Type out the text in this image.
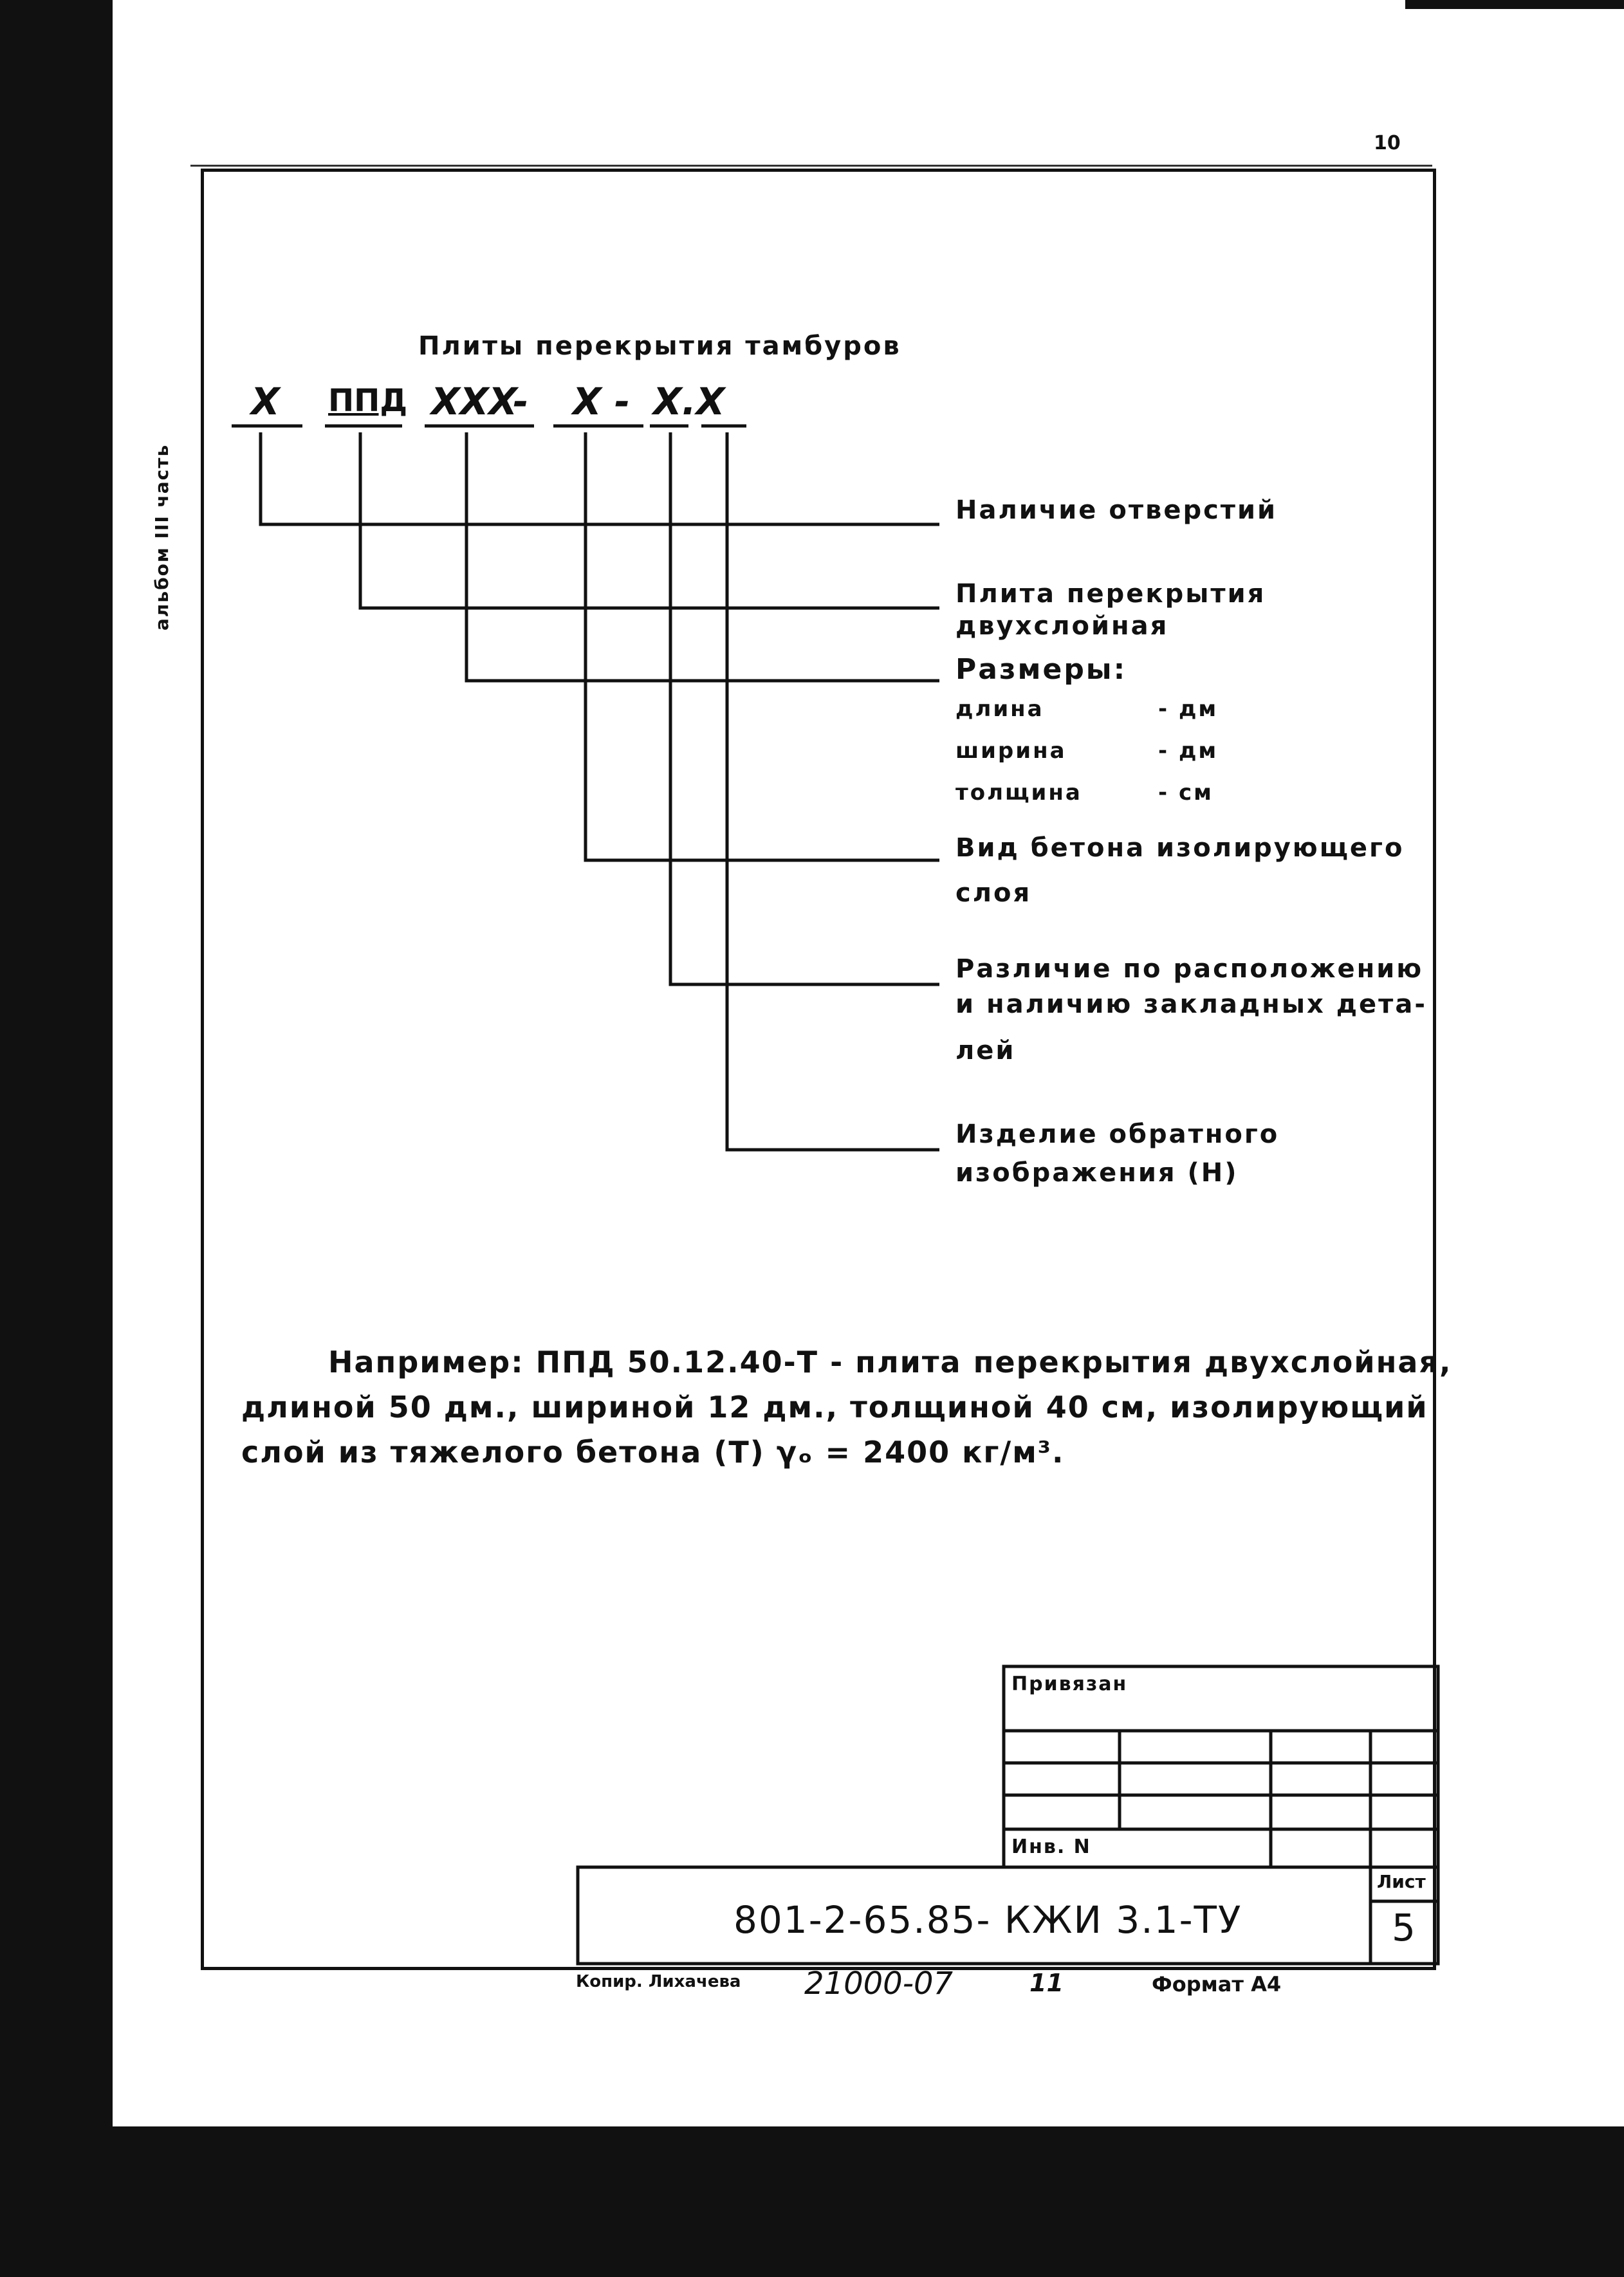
10
альбом III часть
Плиты перекрытия тамбуров
X ППД XXX- X - X.X
Наличие отверстий
Плита перекрытия
двухслойная
Размеры:
длина	- дм
ширина	- дм
толщина	- см
Вид бетона изолирующего
слоя
Различие по расположению
и наличию закладных дета-
лей
Изделие обратного
изображения (Н)
Например: ППД 50.12.40-Т - плита перекрытия двухслойная,
длиной 50 дм., шириной 12 дм., толщиной 40 см, изолирующий
слой из тяжелого бетона (Т) γₒ = 2400 кг/м³.
Привязан
Инв. N
801-2-65.85- КЖИ 3.1-ТУ
Лист
5
Копир. Лихачева 21000-07	11	Формат А4
